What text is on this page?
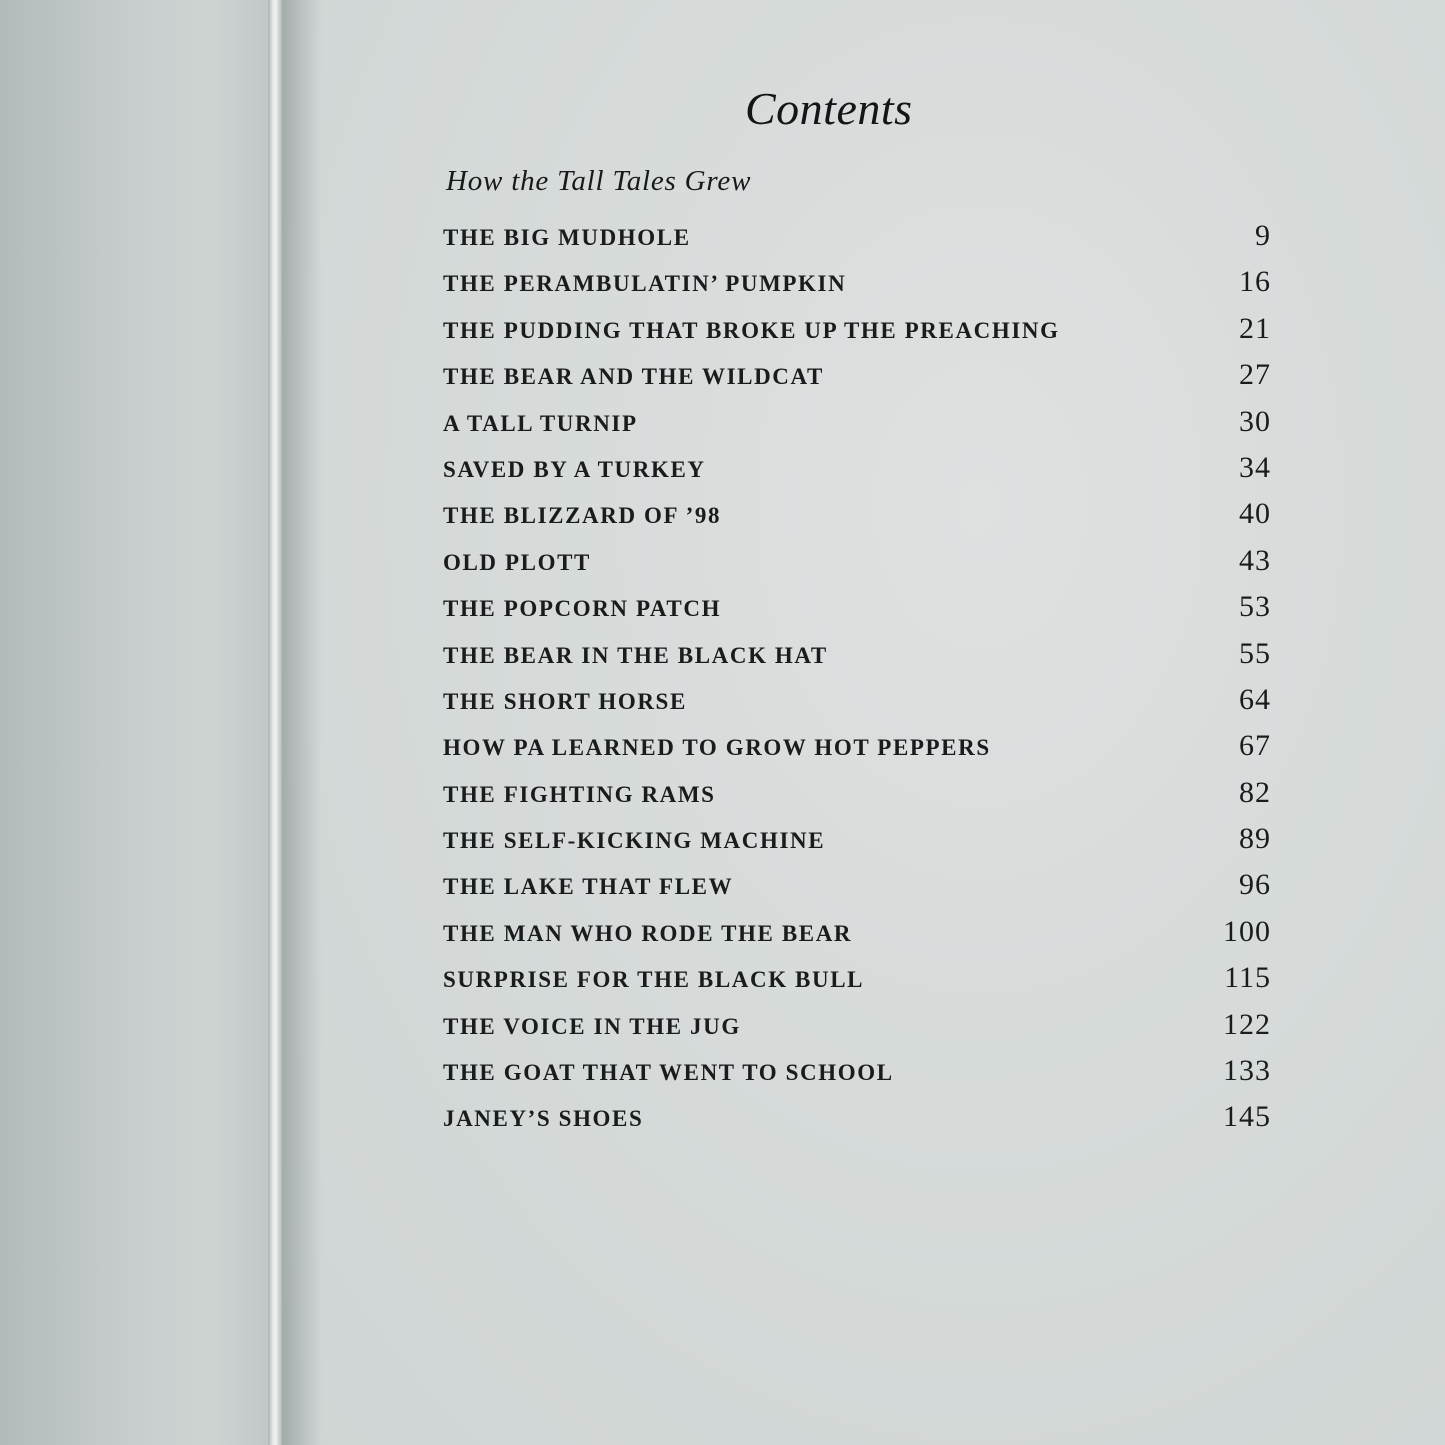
Contents
How the Tall Tales Grew
THE BIG MUDHOLE	9
THE PERAMBULATIN’ PUMPKIN	16
THE PUDDING THAT BROKE UP THE PREACHING	21
THE BEAR AND THE WILDCAT	27
A TALL TURNIP	30
SAVED BY A TURKEY	34
THE BLIZZARD OF ’98	40
OLD PLOTT	43
THE POPCORN PATCH	53
THE BEAR IN THE BLACK HAT	55
THE SHORT HORSE	64
HOW PA LEARNED TO GROW HOT PEPPERS	67
THE FIGHTING RAMS	82
THE SELF-KICKING MACHINE	89
THE LAKE THAT FLEW	96
THE MAN WHO RODE THE BEAR	100
SURPRISE FOR THE BLACK BULL	115
THE VOICE IN THE JUG	122
THE GOAT THAT WENT TO SCHOOL	133
JANEY’S SHOES	145
